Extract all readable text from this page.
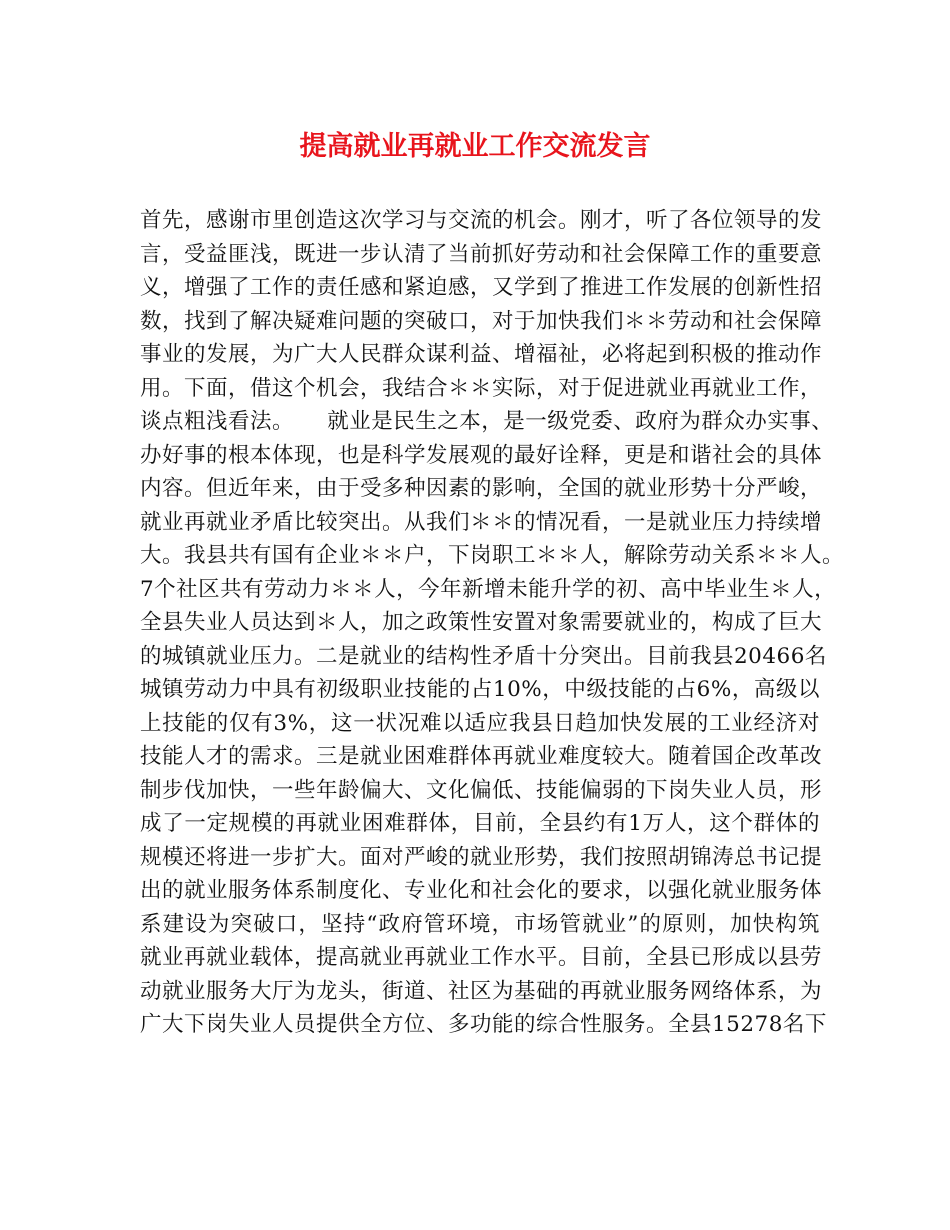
提高就业再就业工作交流发言
首先，感谢市里创造这次学习与交流的机会。刚才，听了各位领导的发
言，受益匪浅，既进一步认清了当前抓好劳动和社会保障工作的重要意
义，增强了工作的责任感和紧迫感，又学到了推进工作发展的创新性招
数，找到了解决疑难问题的突破口，对于加快我们＊＊劳动和社会保障
事业的发展，为广大人民群众谋利益、增福祉，必将起到积极的推动作
用。下面，借这个机会，我结合＊＊实际，对于促进就业再就业工作，
谈点粗浅看法。　　就业是民生之本，是一级党委、政府为群众办实事、
办好事的根本体现，也是科学发展观的最好诠释，更是和谐社会的具体
内容。但近年来，由于受多种因素的影响，全国的就业形势十分严峻，
就业再就业矛盾比较突出。从我们＊＊的情况看，一是就业压力持续增
大。我县共有国有企业＊＊户，下岗职工＊＊人，解除劳动关系＊＊人。
7个社区共有劳动力＊＊人，今年新增未能升学的初、高中毕业生＊人，
全县失业人员达到＊人，加之政策性安置对象需要就业的，构成了巨大
的城镇就业压力。二是就业的结构性矛盾十分突出。目前我县20466名
城镇劳动力中具有初级职业技能的占10%，中级技能的占6%，高级以
上技能的仅有3%，这一状况难以适应我县日趋加快发展的工业经济对
技能人才的需求。三是就业困难群体再就业难度较大。随着国企改革改
制步伐加快，一些年龄偏大、文化偏低、技能偏弱的下岗失业人员，形
成了一定规模的再就业困难群体，目前，全县约有1万人，这个群体的
规模还将进一步扩大。面对严峻的就业形势，我们按照胡锦涛总书记提
出的就业服务体系制度化、专业化和社会化的要求，以强化就业服务体
系建设为突破口，坚持“政府管环境，市场管就业”的原则，加快构筑
就业再就业载体，提高就业再就业工作水平。目前，全县已形成以县劳
动就业服务大厅为龙头，街道、社区为基础的再就业服务网络体系，为
广大下岗失业人员提供全方位、多功能的综合性服务。全县15278名下
